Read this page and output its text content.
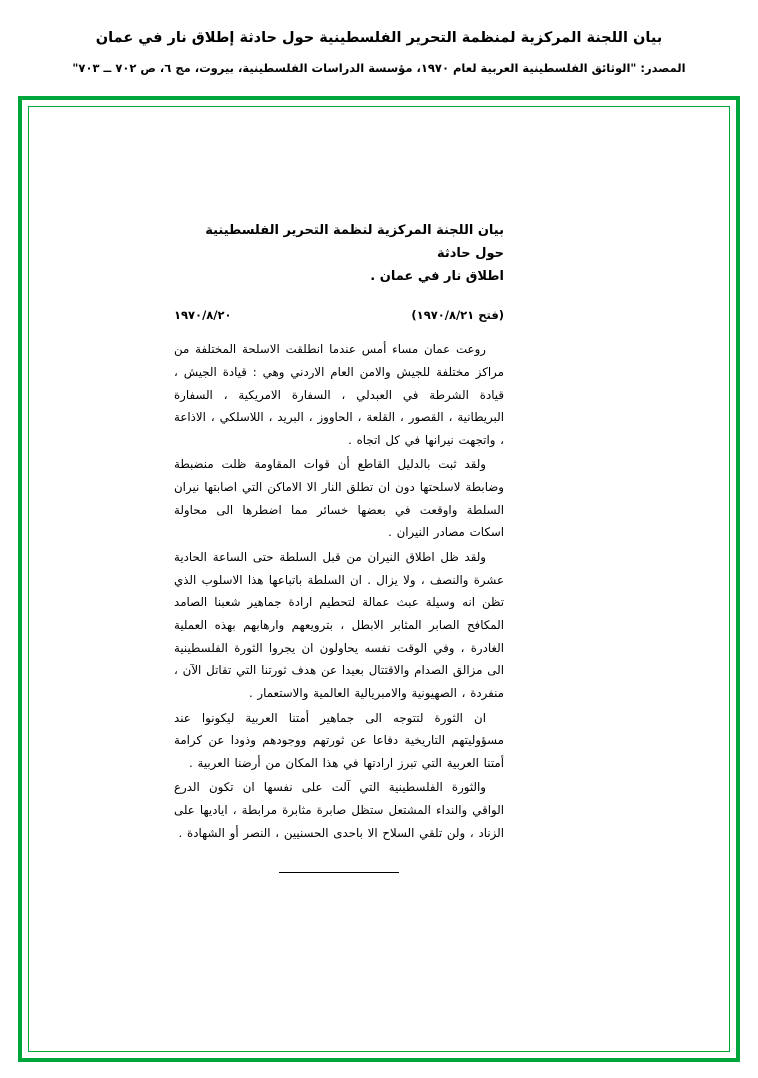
بيان اللجنة المركزية لمنظمة التحرير الفلسطينية حول حادثة إطلاق نار في عمان
المصدر: "الوثائق الفلسطينية العربية لعام ١٩٧٠، مؤسسة الدراسات الفلسطينية، بيروت، مج ٦، ص ٧٠٢ ــ ٧٠٣"
بيان اللجنة المركزية لنظمة التحرير الفلسطينية حول حادثة
اطلاق نار في عمان .
١٩٧٠/٨/٢٠	(فتح ١٩٧٠/٨/٢١)

روعت عمان مساء أمس عندما انطلقت الاسلحة المختلفة من مراكز مختلفة للجيش والامن العام الاردني وهي : قيادة الجيش ، قيادة الشرطة في العبدلي ، السفارة الامريكية ، السفارة البريطانية ، القصور ، القلعة ، الحاووز ، البريد ، اللاسلكي ، الاذاعة ، واتجهت نيرانها في كل اتجاه .

ولقد ثبت بالدليل القاطع أن قوات المقاومة ظلت منضبطة وضابطة لاسلحتها دون ان تطلق النار الا الاماكن التي اصابتها نيران السلطة واوقعت في بعضها خسائر مما اضطرها الى محاولة اسكات مصادر النيران .

ولقد ظل اطلاق النيران من قبل السلطة حتى الساعة الحادية عشرة والنصف ، ولا يزال . ان السلطة باتباعها هذا الاسلوب الذي تظن انه وسيلة عبث عمالة لتحطيم ارادة جماهير شعبنا الصامد المكافح الصابر المثابر الابطل ، بترويعهم وارهابهم بهذه العملية الغادرة ، وفي الوقت نفسه يحاولون ان يجروا الثورة الفلسطينية الى مزالق الصدام والاقتتال بعيدا عن هدف ثورتنا التي تقاتل الآن ، منفردة ، الصهيونية والامبريالية العالمية والاستعمار .

ان الثورة لتتوجه الى جماهير أمتنا العربية ليكونوا عند مسؤوليتهم التاريخية دفاعا عن ثورتهم ووجودهم وذودا عن كرامة أمتنا العربية التي تبرز ارادتها في هذا المكان من أرضنا العربية .

والثورة الفلسطينية التي آلت على نفسها ان تكون الدرع الواقي والنداء المشتعل ستظل صابرة مثابرة مرابطة ، اياديها على الزناد ، ولن تلقي السلاح الا باحدى الحسنيين ، النصر أو الشهادة .
